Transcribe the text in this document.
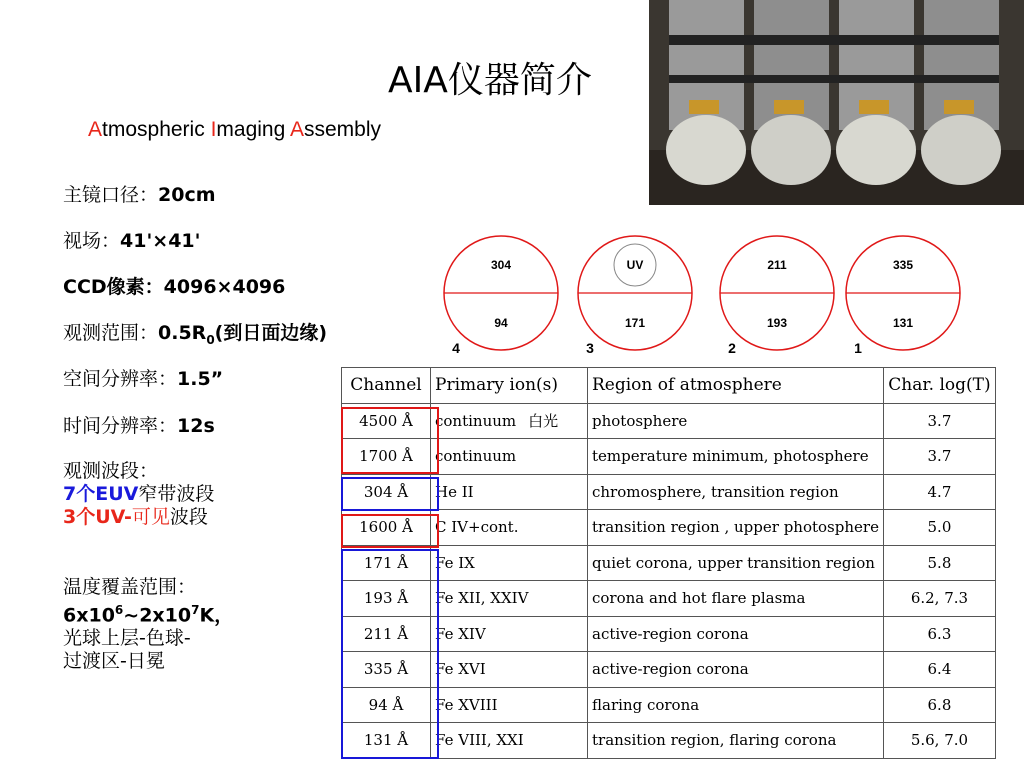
AIA仪器简介
Atmospheric Imaging Assembly
主镜口径：20cm
视场：41'×41'
CCD像素：4096×4096
观测范围：$0.5R_0$(到日面边缘)
空间分辨率：1.5”
时间分辨率：12s
观测波段：
7个EUV窄带波段
3个UV-可见波段
温度覆盖范围：
$6x10^6\sim 2x10^7K$，
光球上层-色球-
过渡区-日冕
304
94
4
UV
171
3
211
193
2
335
131
1
Channel	Primary ion(s)	Region of atmosphere	Char. log(T)
4500 Å	continuum 白光	photosphere	3.7
1700 Å	continuum	temperature minimum, photosphere	3.7
304 Å	He II	chromosphere, transition region	4.7
1600 Å	C IV+cont.	transition region , upper photosphere	5.0
171 Å	Fe IX	quiet corona, upper transition region	5.8
193 Å	Fe XII, XXIV	corona and hot flare plasma	6.2, 7.3
211 Å	Fe XIV	active-region corona	6.3
335 Å	Fe XVI	active-region corona	6.4
94 Å	Fe XVIII	flaring corona	6.8
131 Å	Fe VIII, XXI	transition region, flaring corona	5.6, 7.0
